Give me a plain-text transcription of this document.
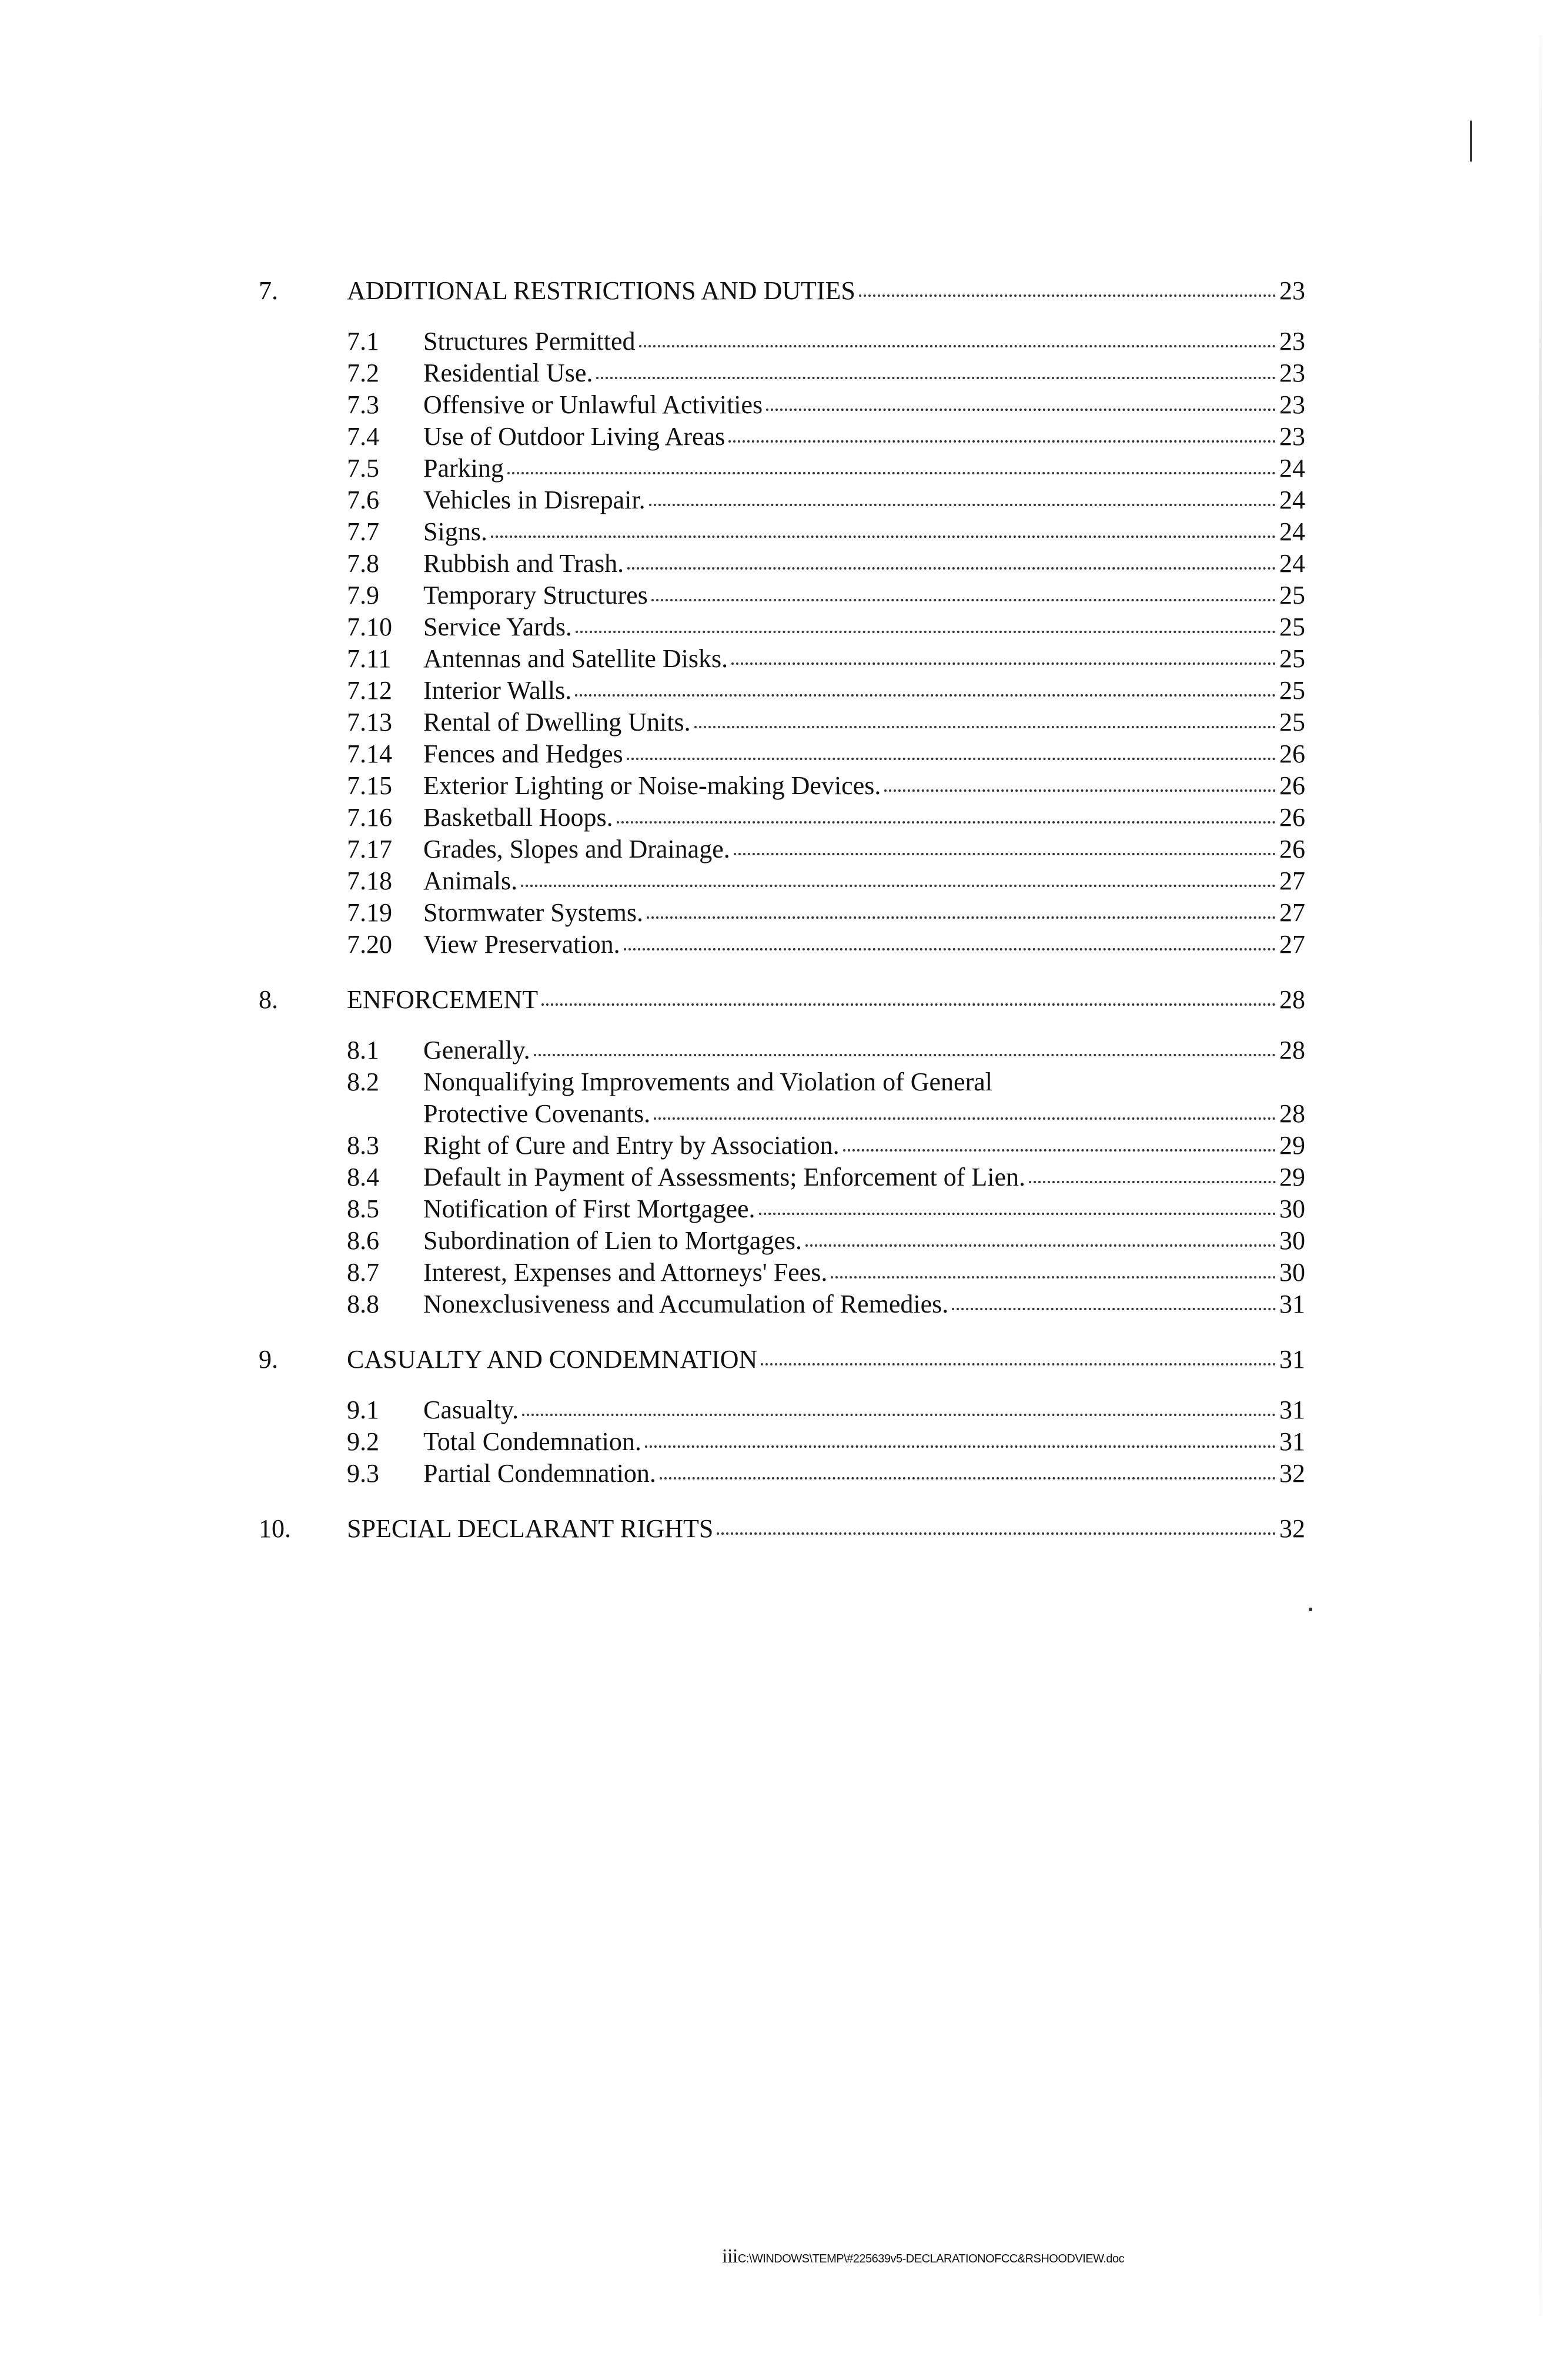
7.	ADDITIONAL RESTRICTIONS AND DUTIES	23
7.1	Structures Permitted	23
7.2	Residential Use.	23
7.3	Offensive or Unlawful Activities	23
7.4	Use of Outdoor Living Areas	23
7.5	Parking	24
7.6	Vehicles in Disrepair.	24
7.7	Signs.	24
7.8	Rubbish and Trash.	24
7.9	Temporary Structures	25
7.10	Service Yards.	25
7.11	Antennas and Satellite Disks.	25
7.12	Interior Walls.	25
7.13	Rental of Dwelling Units.	25
7.14	Fences and Hedges	26
7.15	Exterior Lighting or Noise-making Devices.	26
7.16	Basketball Hoops.	26
7.17	Grades, Slopes and Drainage.	26
7.18	Animals.	27
7.19	Stormwater Systems.	27
7.20	View Preservation.	27
8.	ENFORCEMENT	28
8.1	Generally.	28
8.2	Nonqualifying Improvements and Violation of General
Protective Covenants.	28
8.3	Right of Cure and Entry by Association.	29
8.4	Default in Payment of Assessments; Enforcement of Lien.	29
8.5	Notification of First Mortgagee.	30
8.6	Subordination of Lien to Mortgages.	30
8.7	Interest, Expenses and Attorneys' Fees.	30
8.8	Nonexclusiveness and Accumulation of Remedies.	31
9.	CASUALTY AND CONDEMNATION	31
9.1	Casualty.	31
9.2	Total Condemnation.	31
9.3	Partial Condemnation.	32
10.	SPECIAL DECLARANT RIGHTS	32
iiiC:\WINDOWS\TEMP\#225639v5-DECLARATIONOFCC&RSHOODVIEW.doc
